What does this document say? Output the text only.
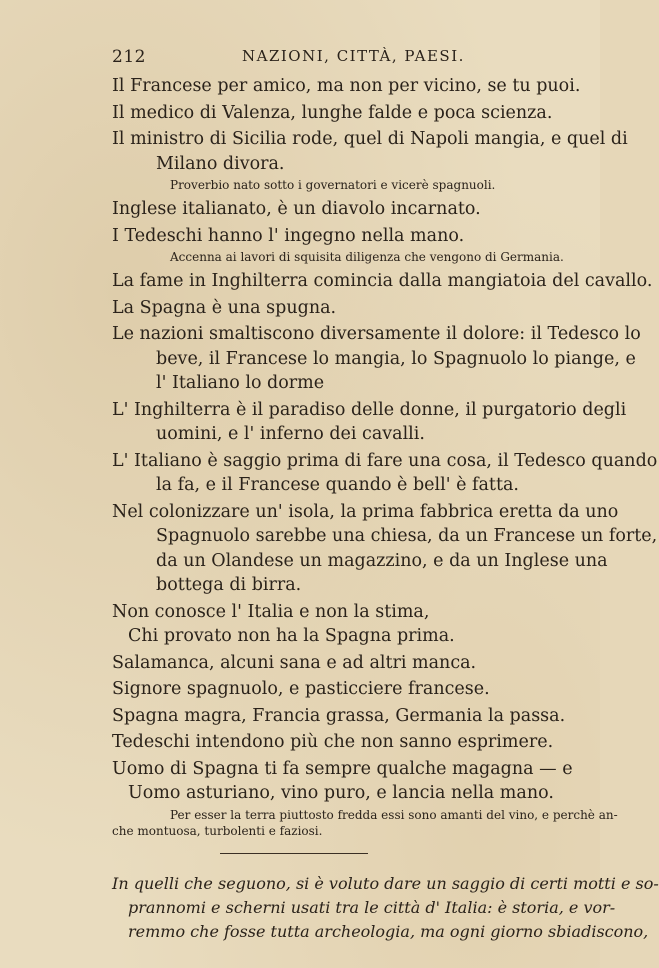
212	NAZIONI, CITTÀ, PAESI.
Il Francese per amico, ma non per vicino, se tu puoi.
Il medico di Valenza, lunghe falde e poca scienza.
Il ministro di Sicilia rode, quel di Napoli mangia, e quel di
Milano divora.
Proverbio nato sotto i governatori e vicerè spagnuoli.
Inglese italianato, è un diavolo incarnato.
I Tedeschi hanno l' ingegno nella mano.
Accenna ai lavori di squisita diligenza che vengono di Germania.
La fame in Inghilterra comincia dalla mangiatoia del cavallo.
La Spagna è una spugna.
Le nazioni smaltiscono diversamente il dolore: il Tedesco lo
beve, il Francese lo mangia, lo Spagnuolo lo piange, e
l' Italiano lo dorme
L' Inghilterra è il paradiso delle donne, il purgatorio degli
uomini, e l' inferno dei cavalli.
L' Italiano è saggio prima di fare una cosa, il Tedesco quando
la fa, e il Francese quando è bell' è fatta.
Nel colonizzare un' isola, la prima fabbrica eretta da uno
Spagnuolo sarebbe una chiesa, da un Francese un forte,
da un Olandese un magazzino, e da un Inglese una
bottega di birra.
Non conosce l' Italia e non la stima,
Chi provato non ha la Spagna prima.
Salamanca, alcuni sana e ad altri manca.
Signore spagnuolo, e pasticciere francese.
Spagna magra, Francia grassa, Germania la passa.
Tedeschi intendono più che non sanno esprimere.
Uomo di Spagna ti fa sempre qualche magagna — e
Uomo asturiano, vino puro, e lancia nella mano.
Per esser la terra piuttosto fredda essi sono amanti del vino, e perchè an-
che montuosa, turbolenti e faziosi.
In quelli che seguono, si è voluto dare un saggio di certi motti e so-
prannomi e scherni usati tra le città d' Italia: è storia, e vor-
remmo che fosse tutta archeologia, ma ogni giorno sbiadiscono,
